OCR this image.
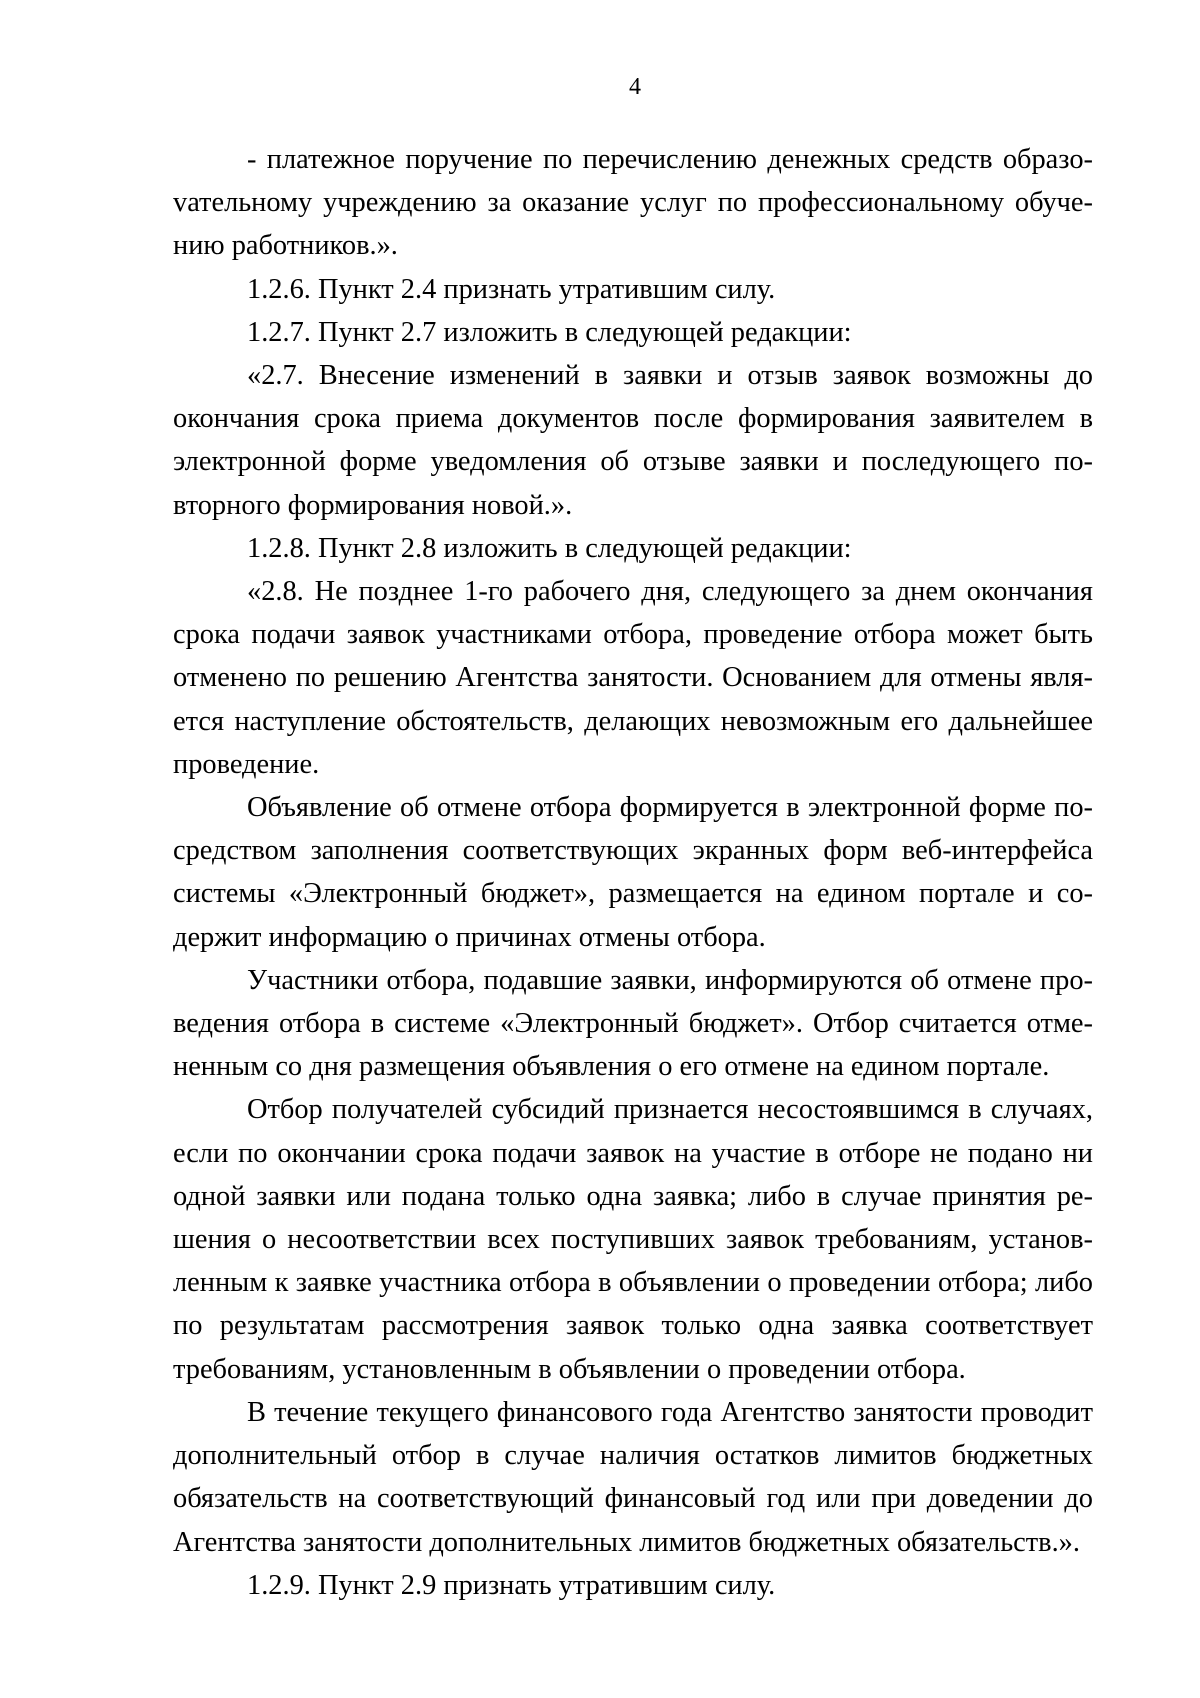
4

- платежное поручение по перечислению денежных средств образоvательному учреждению за оказание услуг по профессиональному обучению работников.».

1.2.6. Пункт 2.4 признать утратившим силу.

1.2.7. Пункт 2.7 изложить в следующей редакции:

«2.7. Внесение изменений в заявки и отзыв заявок возможны до окончания срока приема документов после формирования заявителем в электронной форме уведомления об отзыве заявки и последующего повторного формирования новой.».

1.2.8. Пункт 2.8 изложить в следующей редакции:

«2.8. Не позднее 1-го рабочего дня, следующего за днем окончания срока подачи заявок участниками отбора, проведение отбора может быть отменено по решению Агентства занятости. Основанием для отмены является наступление обстоятельств, делающих невозможным его дальнейшее проведение.

Объявление об отмене отбора формируется в электронной форме посредством заполнения соответствующих экранных форм веб-интерфейса системы «Электронный бюджет», размещается на едином портале и содержит информацию о причинах отмены отбора.

Участники отбора, подавшие заявки, информируются об отмене проведения отбора в системе «Электронный бюджет». Отбор считается отмененным со дня размещения объявления о его отмене на едином портале.

Отбор получателей субсидий признается несостоявшимся в случаях, если по окончании срока подачи заявок на участие в отборе не подано ни одной заявки или подана только одна заявка; либо в случае принятия решения о несоответствии всех поступивших заявок требованиям, установленным к заявке участника отбора в объявлении о проведении отбора; либо по результатам рассмотрения заявок только одна заявка соответствует требованиям, установленным в объявлении о проведении отбора.

В течение текущего финансового года Агентство занятости проводит дополнительный отбор в случае наличия остатков лимитов бюджетных обязательств на соответствующий финансовый год или при доведении до Агентства занятости дополнительных лимитов бюджетных обязательств.».

1.2.9. Пункт 2.9 признать утратившим силу.
